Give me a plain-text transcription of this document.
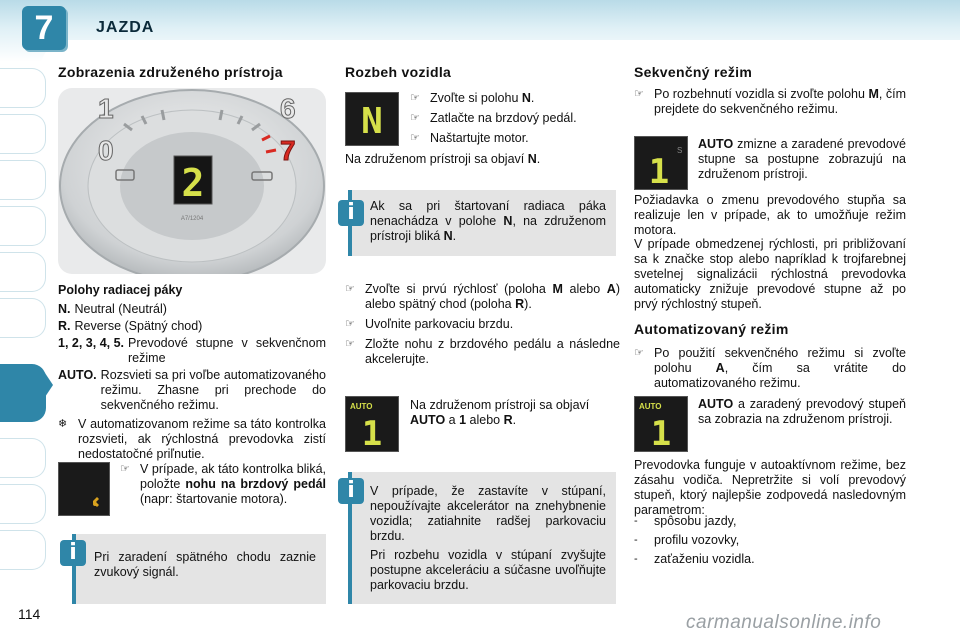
7	JAZDA
Zobrazenia združeného prístroja
1	6
0	7
2
A7/1204
Polohy radiacej páky
N. Neutral (Neutrál)
R. Reverse (Spätný chod)
1, 2, 3, 4, 5. Prevodové stupne v sekvenčnom režime
AUTO. Rozsvieti sa pri voľbe automatizovaného režimu. Zhasne pri prechode do sekvenčného režimu.
❄ V automatizovanom režime sa táto kontrolka rozsvieti, ak rýchlostná prevodovka zistí nedostatočné priľnutie.
☞ V prípade, ak táto kontrolka bliká, položte nohu na brzdový pedál (napr: štartovanie motora).
i	Pri zaradení spätného chodu zaznie zvukový signál.
Rozbeh vozidla
N
☞ Zvoľte si polohu N.
☞ Zatlačte na brzdový pedál.
☞ Naštartujte motor.
Na združenom prístroji sa objaví N.
i	Ak sa pri štartovaní radiaca páka nenachádza v polohe N, na združenom prístroji bliká N.
☞ Zvoľte si prvú rýchlosť (poloha M alebo A) alebo spätný chod (poloha R).
☞ Uvoľnite parkovaciu brzdu.
☞ Zložte nohu z brzdového pedálu a následne akcelerujte.
AUTO
1
Na združenom prístroji sa objaví AUTO a 1 alebo R.
i	V prípade, že zastavíte v stúpaní, nepoužívajte akcelerátor na znehybnenie vozidla; zatiahnite radšej parkovaciu brzdu.

Pri rozbehu vozidla v stúpaní zvyšujte postupne akceleráciu a súčasne uvoľňujte parkovaciu brzdu.

Sekvenčný režim
☞ Po rozbehnutí vozidla si zvoľte polohu M, čím prejdete do sekvenčného režimu.
1
S AUTO zmizne a zaradené prevodové stupne sa postupne zobrazujú na združenom prístroji.
Požiadavka o zmenu prevodového stupňa sa realizuje len v prípade, ak to umožňuje režim motora.
V prípade obmedzenej rýchlosti, pri približovaní sa k značke stop alebo napríklad k trojfarebnej svetelnej signalizácii rýchlostná prevodovka automaticky znižuje prevodové stupne až po prvý rýchlostný stupeň.
Automatizovaný režim
☞ Po použití sekvenčného režimu si zvoľte polohu A, čím sa vrátite do automatizovaného režimu.
AUTO
1
AUTO a zaradený prevodový stupeň sa zobrazia na združenom prístroji.
Prevodovka funguje v autoaktívnom režime, bez zásahu vodiča. Nepretržite si volí prevodový stupeň, ktorý najlepšie zodpovedá nasledovným parametrom:
-	spôsobu jazdy,
-	profilu vozovky,
-	zaťaženiu vozidla.
114	carmanualsonline.info
